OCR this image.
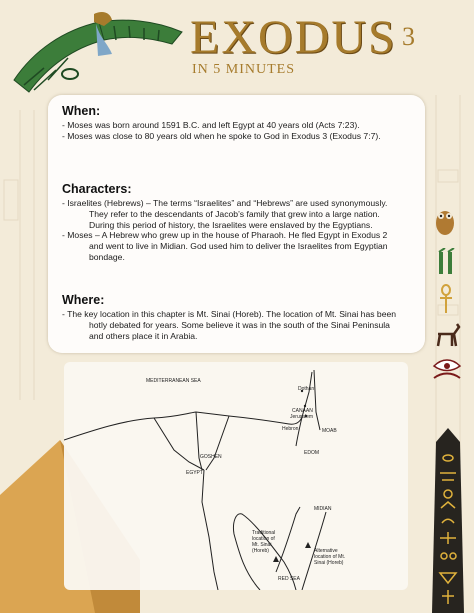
EXODUS 3
IN 5 MINUTES
When:
- Moses was born around 1591 B.C. and left Egypt at 40 years old (Acts 7:23).
- Moses was close to 80 years old when he spoke to God in Exodus 3 (Exodus 7:7).
Characters:
- Israelites (Hebrews) – The terms “Israelites” and “Hebrews” are used synonymously.
They refer to the descendants of Jacob’s family that grew into a large nation.
During this period of history, the Israelites were enslaved by the Egyptians.
- Moses – A Hebrew who grew up in the house of Pharaoh. He fled Egypt in Exodus 2
and went to live in Midian. God used him to deliver the Israelites from Egyptian
bondage.
Where:
- The key location in this chapter is Mt. Sinai (Horeb). The location of Mt. Sinai has been
hotly debated for years. Some believe it was in the south of the Sinai Peninsula
and others place it in Arabia.
MEDITERRANEAN SEA
Dothan
CANAAN
Jerusalem
Hebron	MOAB
EDOM
GOSHEN
EGYPT
MIDIAN
Traditional
location of
Mt. Sinai
(Horeb)	Alternative
location of Mt.
Sinai (Horeb)
RED SEA
